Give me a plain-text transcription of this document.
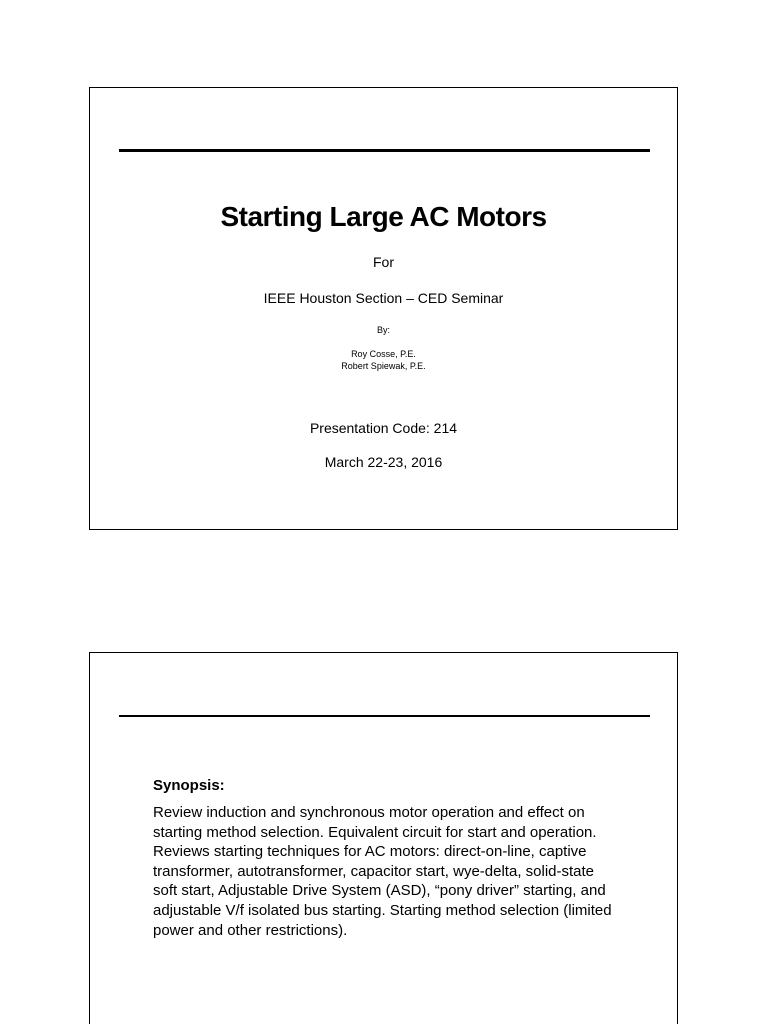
Starting Large AC Motors
For
IEEE Houston Section – CED Seminar
By:
Roy Cosse, P.E.
Robert Spiewak, P.E.
Presentation Code: 214
March 22-23, 2016
Synopsis:
Review induction and synchronous motor operation and effect on starting method selection. Equivalent circuit for start and operation. Reviews starting techniques for AC motors: direct-on-line, captive transformer, autotransformer, capacitor start, wye-delta, solid-state soft start, Adjustable Drive System (ASD), “pony driver” starting, and adjustable V/f isolated bus starting. Starting method selection (limited power and other restrictions).
